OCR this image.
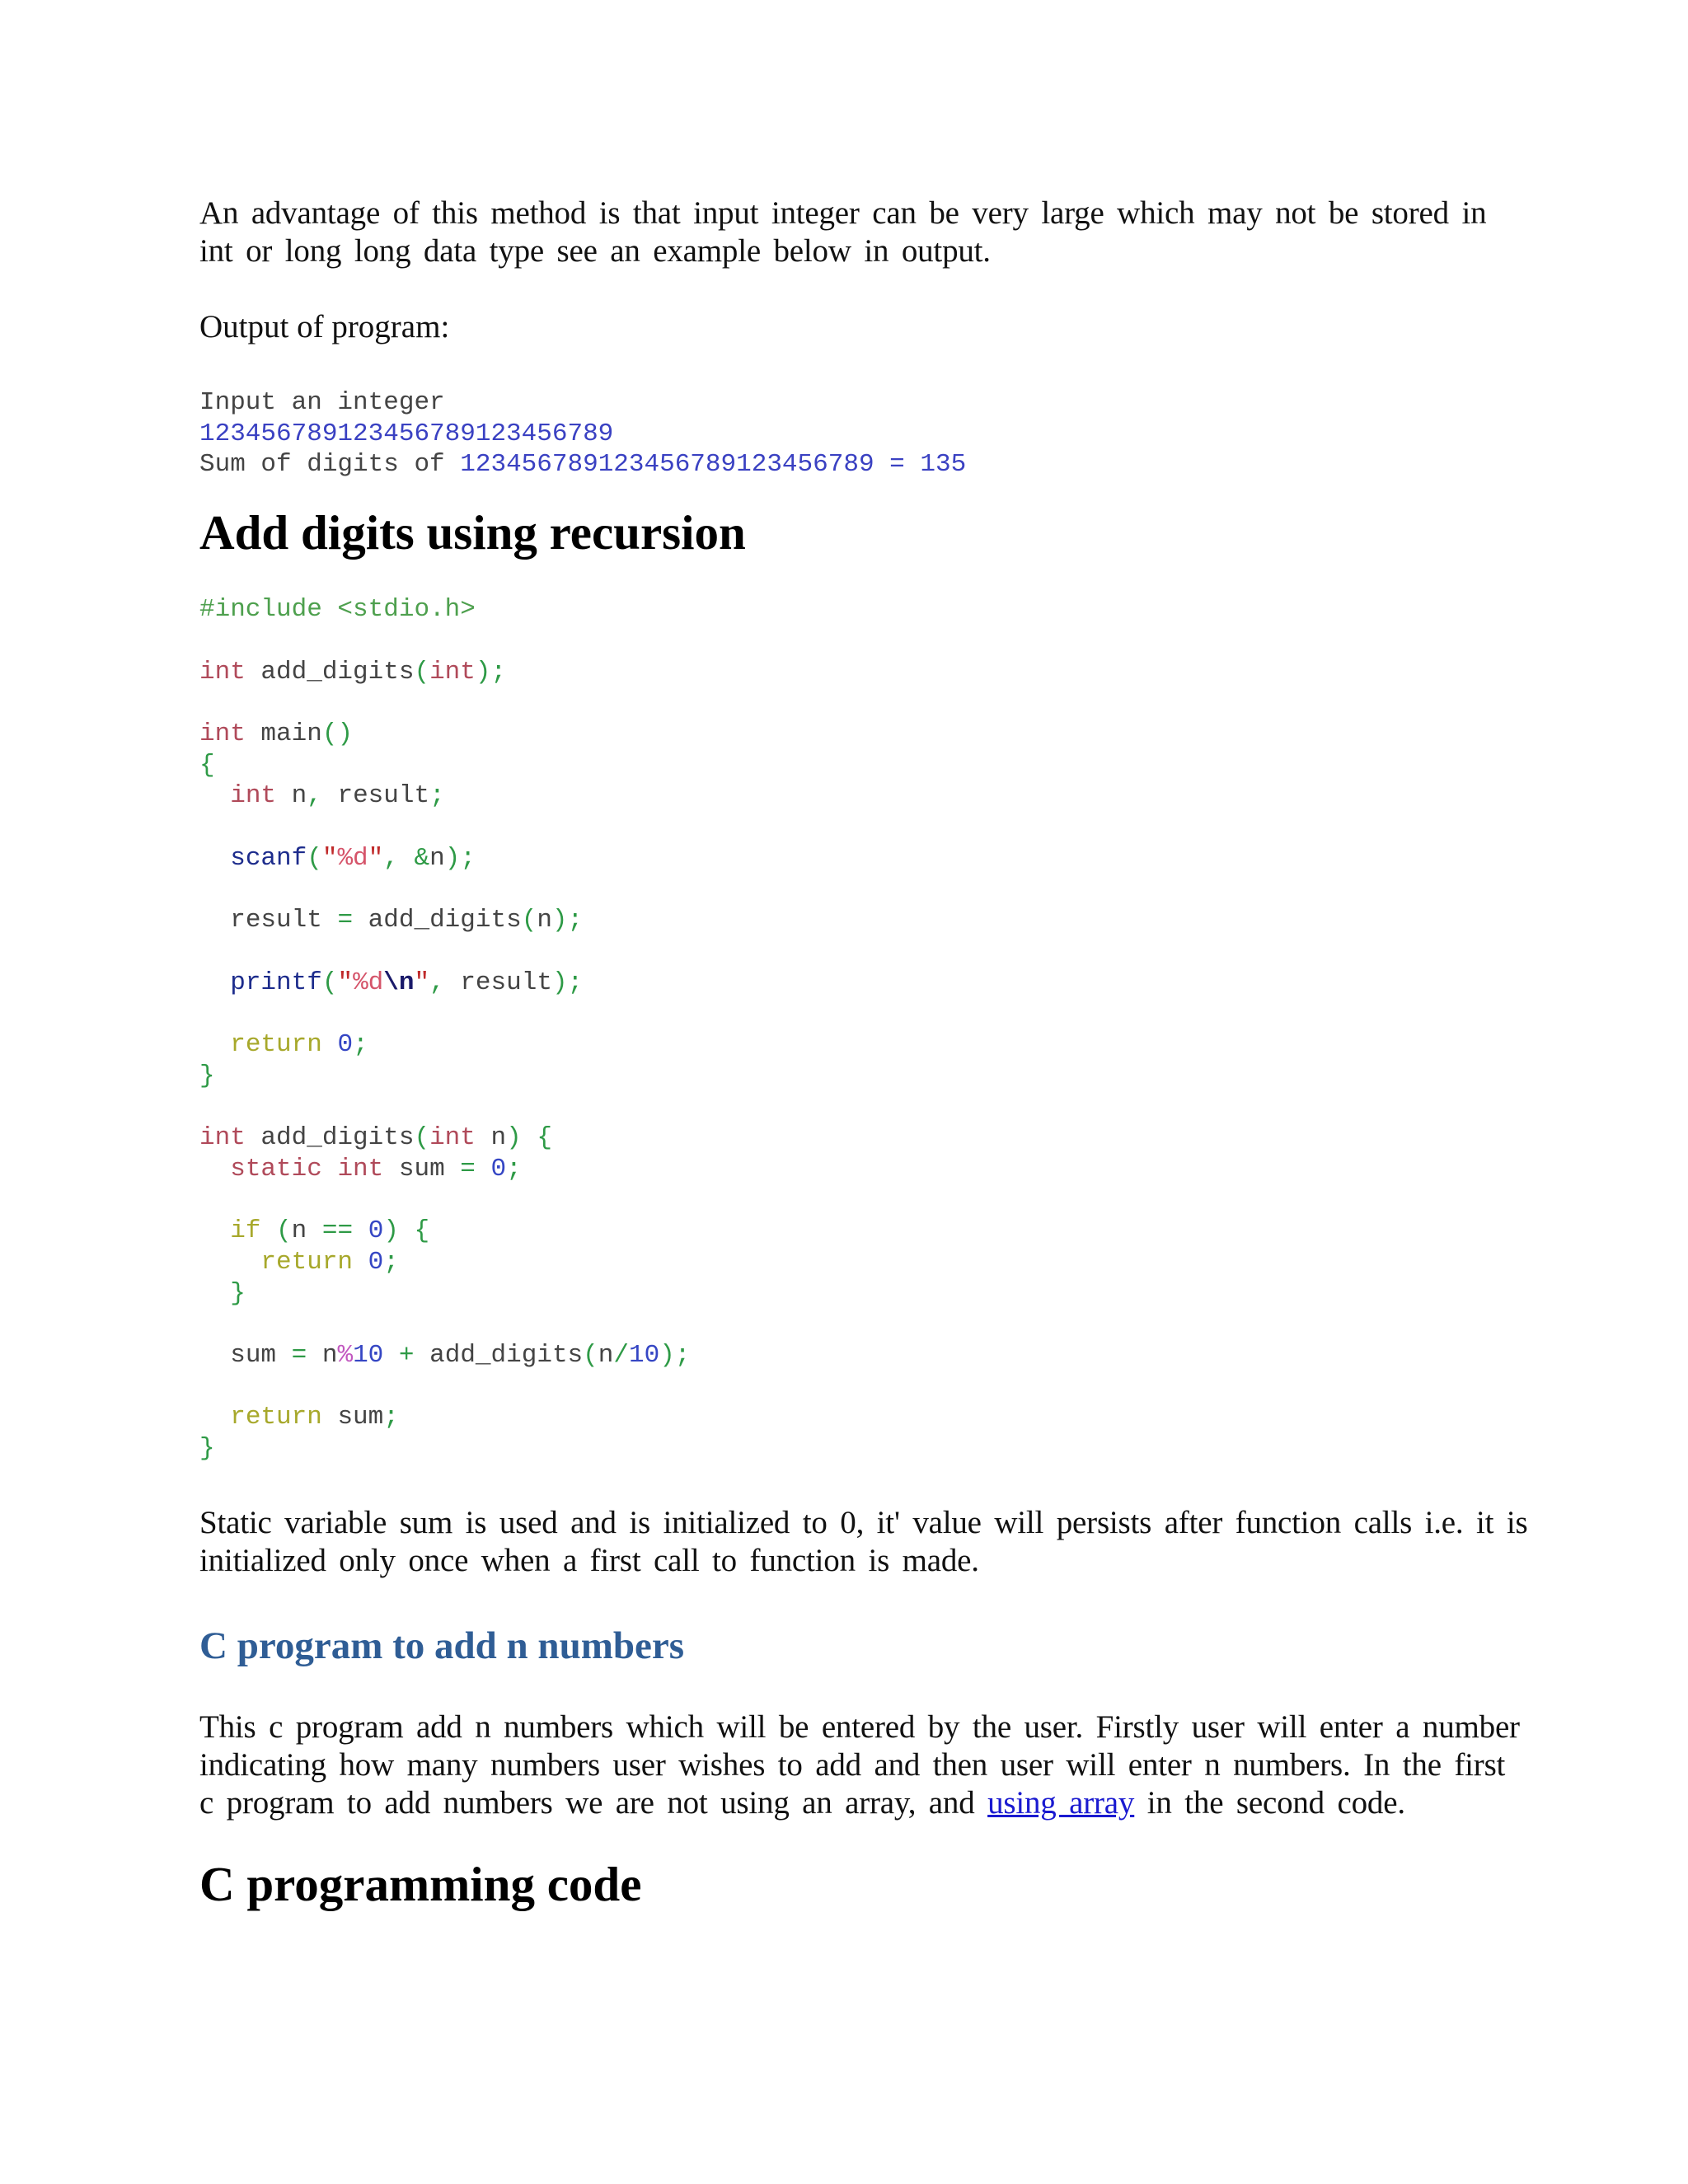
An advantage of this method is that input integer can be very large which may not be stored in
int or long long data type see an example below in output.

Output of program:

Input an integer
123456789123456789123456789
Sum of digits of 123456789123456789123456789 = 135
Add digits using recursion
#include <stdio.h>

int add_digits(int);

int main()
{
int n, result;

scanf("%d", &n);

result = add_digits(n);

printf("%d\n", result);

return 0;
}

int add_digits(int n) {
static int sum = 0;

if (n == 0) {
return 0;
}

sum = n%10 + add_digits(n/10);

return sum;
}

Static variable sum is used and is initialized to 0, it' value will persists after function calls i.e. it is
initialized only once when a first call to function is made.

C program to add n numbers

This c program add n numbers which will be entered by the user. Firstly user will enter a number
indicating how many numbers user wishes to add and then user will enter n numbers. In the first
c program to add numbers we are not using an array, and using array in the second code.

C programming code
